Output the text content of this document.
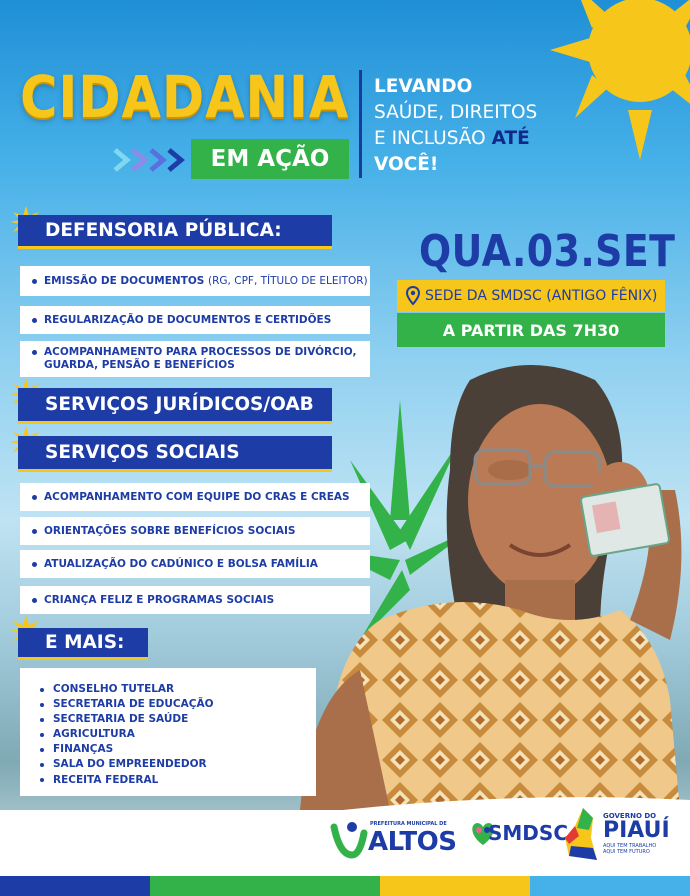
CIDADANIA
EM AÇÃO
LEVANDO
SAÚDE, DIREITOS
E INCLUSÃO ATÉ
VOCÊ!
QUA.03.SET
SEDE DA SMDSC (ANTIGO FÊNIX)
A PARTIR DAS 7H30
DEFENSORIA PÚBLICA:
EMISSÃO DE DOCUMENTOS
(RG, CPF, TÍTULO DE ELEITOR)
REGULARIZAÇÃO DE DOCUMENTOS E CERTIDÕES
ACOMPANHAMENTO PARA PROCESSOS DE DIVÓRCIO,
GUARDA, PENSÃO E BENEFÍCIOS
SERVIÇOS JURÍDICOS/OAB
SERVIÇOS SOCIAIS
ACOMPANHAMENTO COM EQUIPE DO CRAS E CREAS
ORIENTAÇÕES SOBRE BENEFÍCIOS SOCIAIS
ATUALIZAÇÃO DO CADÚNICO E BOLSA FAMÍLIA
CRIANÇA FELIZ E PROGRAMAS SOCIAIS
E MAIS:
CONSELHO TUTELAR
SECRETARIA DE EDUCAÇÃO
SECRETARIA DE SAÚDE
AGRICULTURA
FINANÇAS
SALA DO EMPREENDEDOR
RECEITA FEDERAL
PREFEITURA MUNICIPAL DE
ALTOS SMDSC
GOVERNO DO
PIAUÍ
AQUI TEM TRABALHO
AQUI TEM FUTURO
